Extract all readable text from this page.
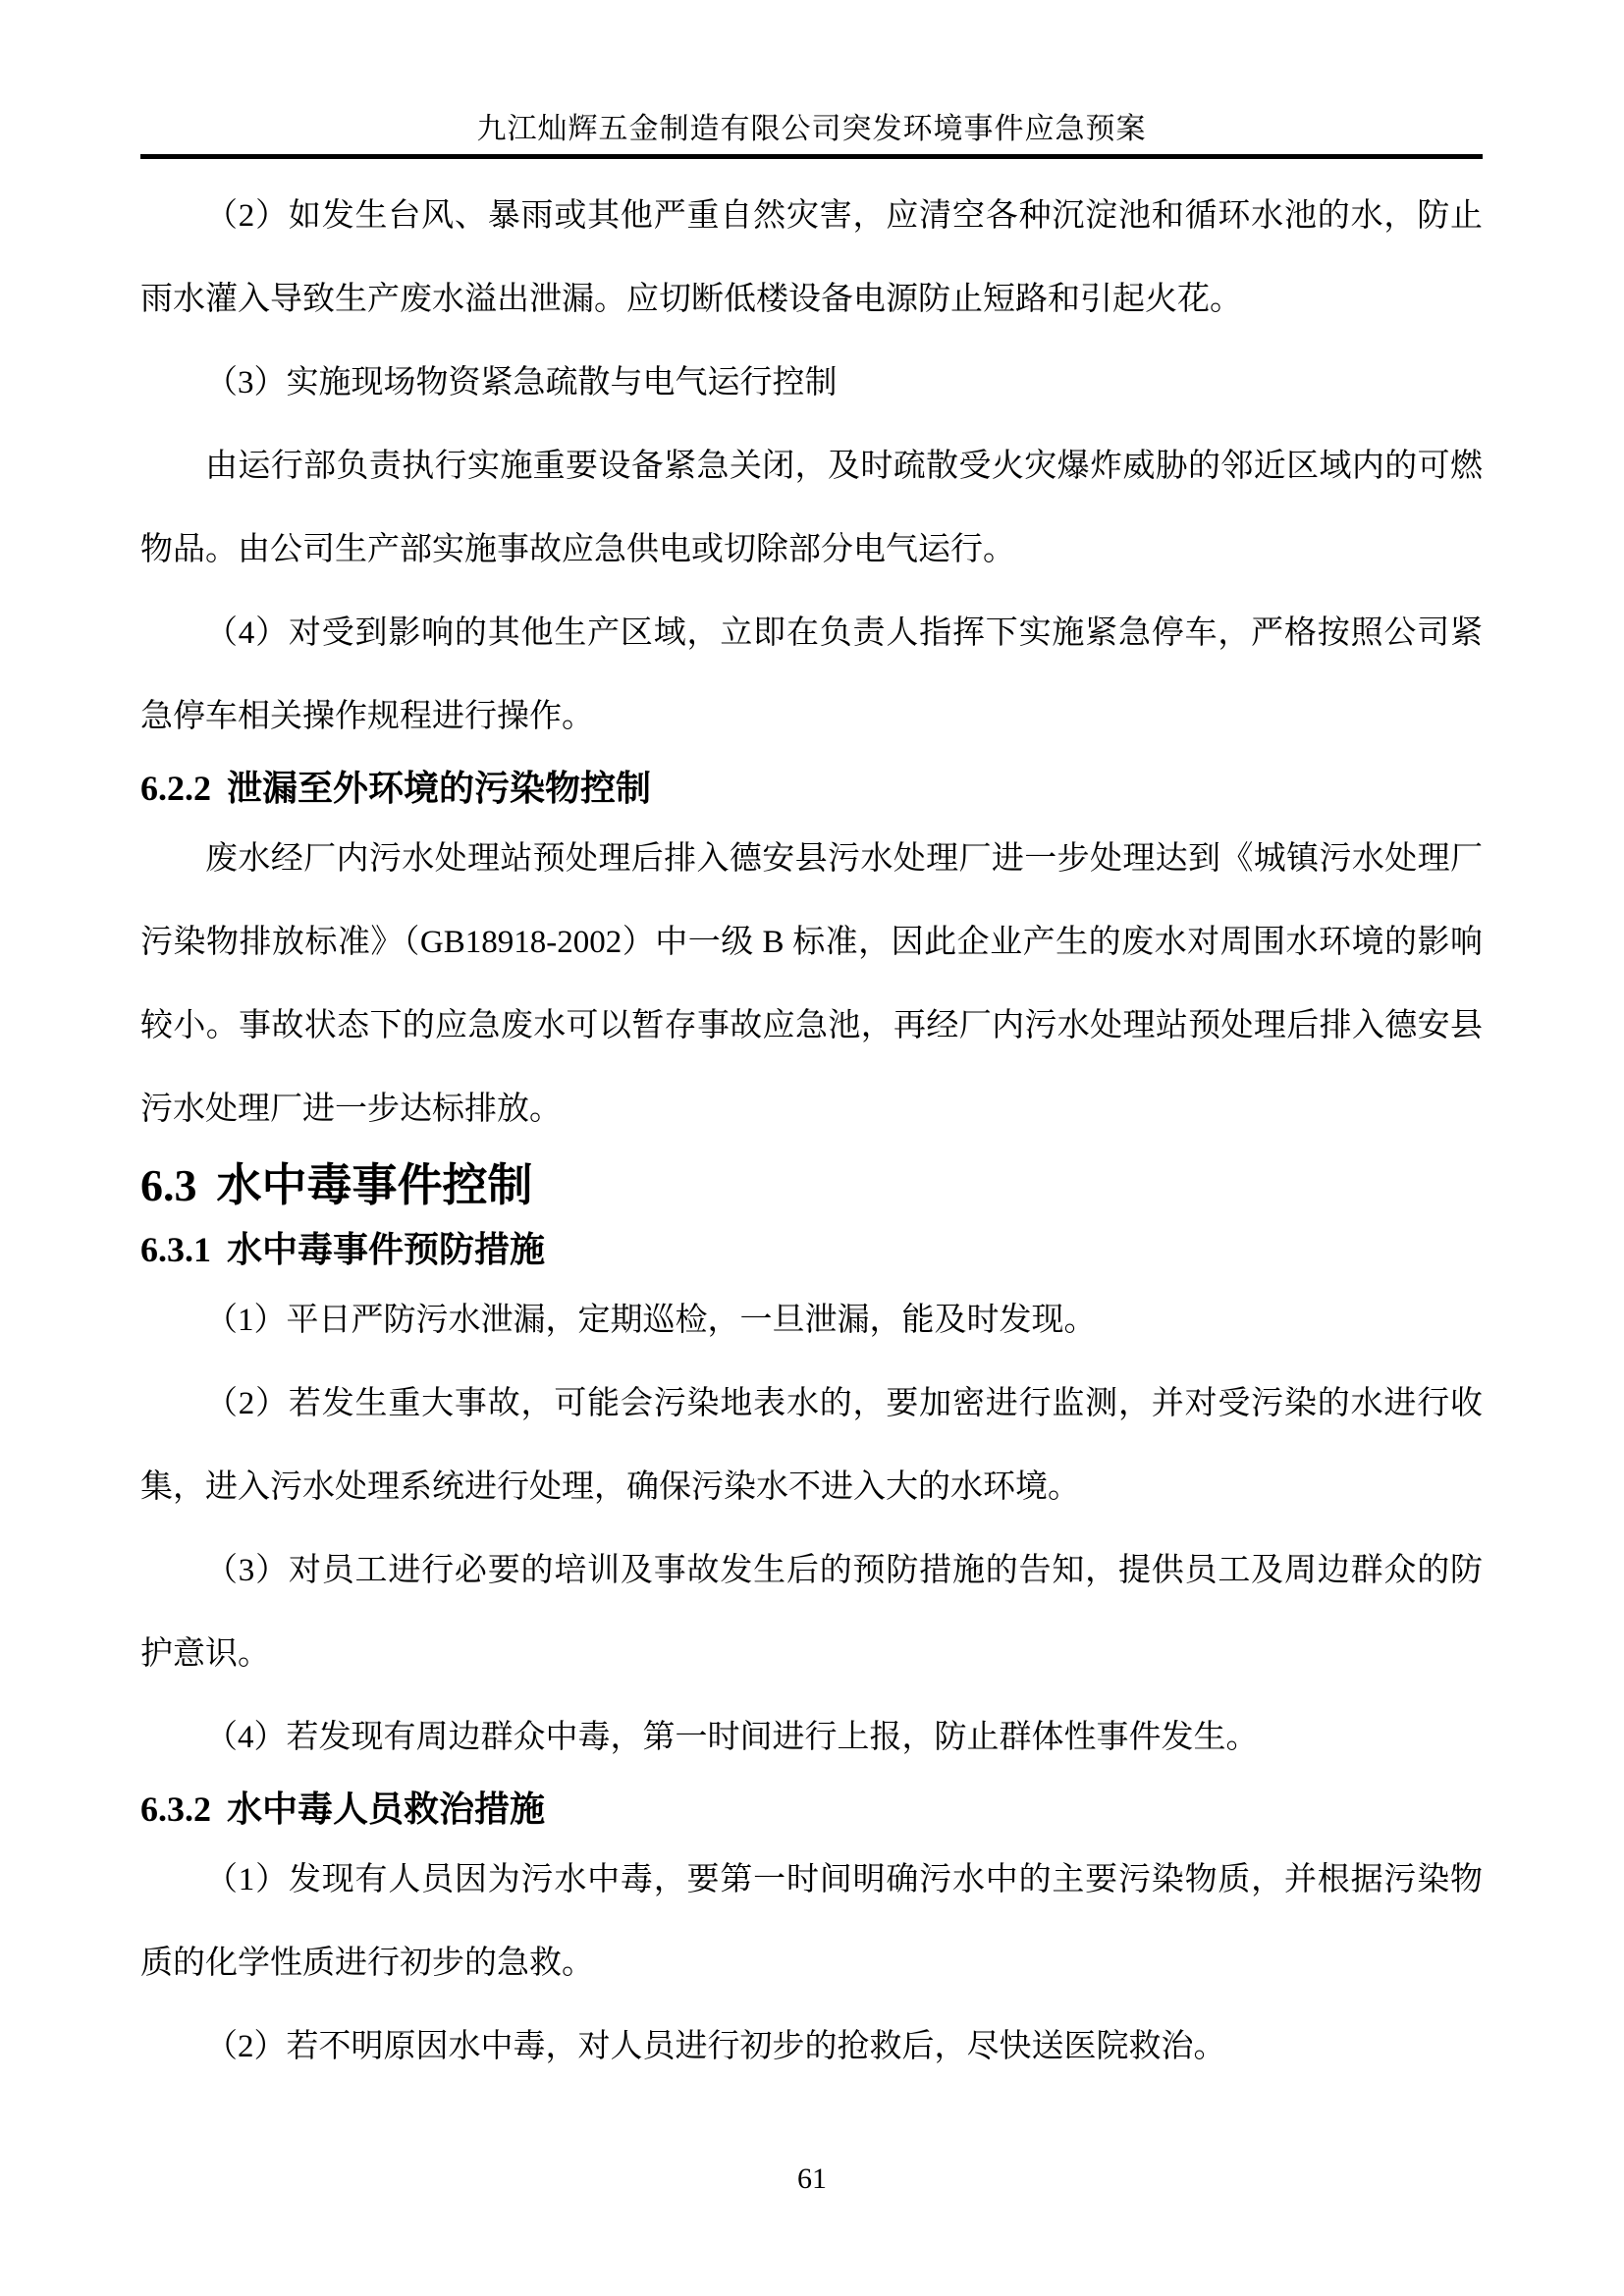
九江灿辉五金制造有限公司突发环境事件应急预案

（2）如发生台风、暴雨或其他严重自然灾害，应清空各种沉淀池和循环水池的水，防止雨水灌入导致生产废水溢出泄漏。应切断低楼设备电源防止短路和引起火花。

（3）实施现场物资紧急疏散与电气运行控制

由运行部负责执行实施重要设备紧急关闭，及时疏散受火灾爆炸威胁的邻近区域内的可燃物品。由公司生产部实施事故应急供电或切除部分电气运行。

（4）对受到影响的其他生产区域，立即在负责人指挥下实施紧急停车，严格按照公司紧急停车相关操作规程进行操作。

6.2.2 泄漏至外环境的污染物控制

废水经厂内污水处理站预处理后排入德安县污水处理厂进一步处理达到《城镇污水处理厂污染物排放标准》（GB18918-2002）中一级 B 标准，因此企业产生的废水对周围水环境的影响较小。事故状态下的应急废水可以暂存事故应急池，再经厂内污水处理站预处理后排入德安县污水处理厂进一步达标排放。

6.3 水中毒事件控制
6.3.1 水中毒事件预防措施

（1）平日严防污水泄漏，定期巡检，一旦泄漏，能及时发现。

（2）若发生重大事故，可能会污染地表水的，要加密进行监测，并对受污染的水进行收集，进入污水处理系统进行处理，确保污染水不进入大的水环境。

（3）对员工进行必要的培训及事故发生后的预防措施的告知，提供员工及周边群众的防护意识。

（4）若发现有周边群众中毒，第一时间进行上报，防止群体性事件发生。

6.3.2 水中毒人员救治措施

（1）发现有人员因为污水中毒，要第一时间明确污水中的主要污染物质，并根据污染物质的化学性质进行初步的急救。

（2）若不明原因水中毒，对人员进行初步的抢救后，尽快送医院救治。

61
